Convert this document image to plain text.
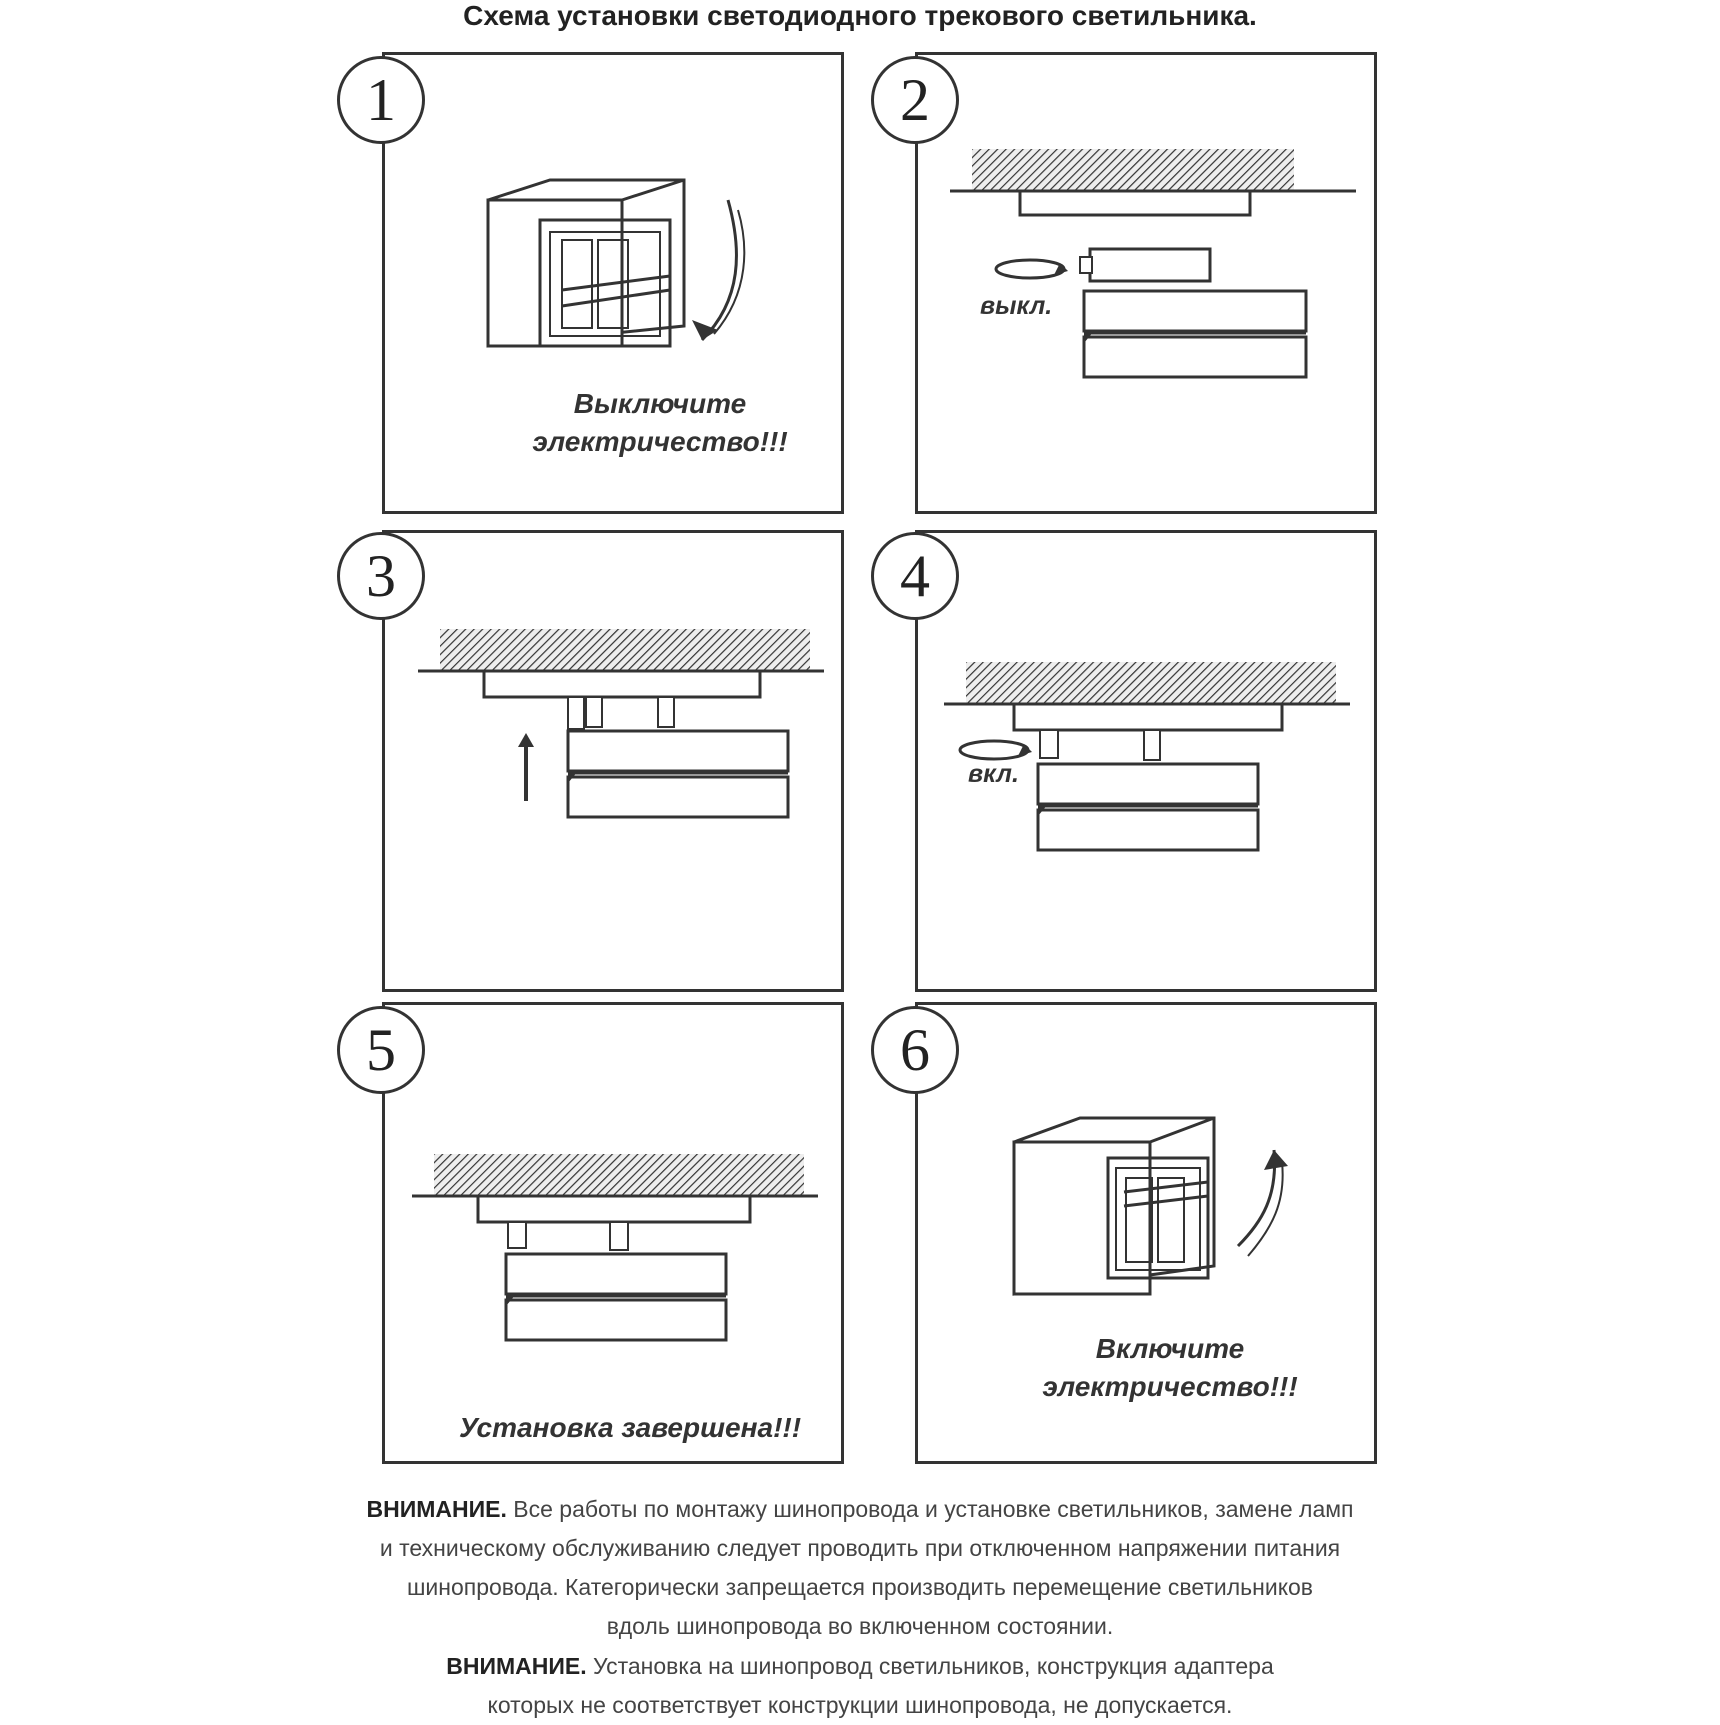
Схема установки светодиодного трекового светильника.
1
Выключите
электричество!!!
2
выкл.
3	4
вкл.
5
Установка завершена!!!
6
Включите
электричество!!!
ВНИМАНИЕ. Все работы по монтажу шинопровода и установке светильников, замене ламп
и техническому обслуживанию следует проводить при отключенном напряжении питания
шинопровода. Категорически запрещается производить перемещение светильников
вдоль шинопровода во включенном состоянии.
ВНИМАНИЕ. Установка на шинопровод светильников, конструкция адаптера
которых не соответствует конструкции шинопровода, не допускается.
